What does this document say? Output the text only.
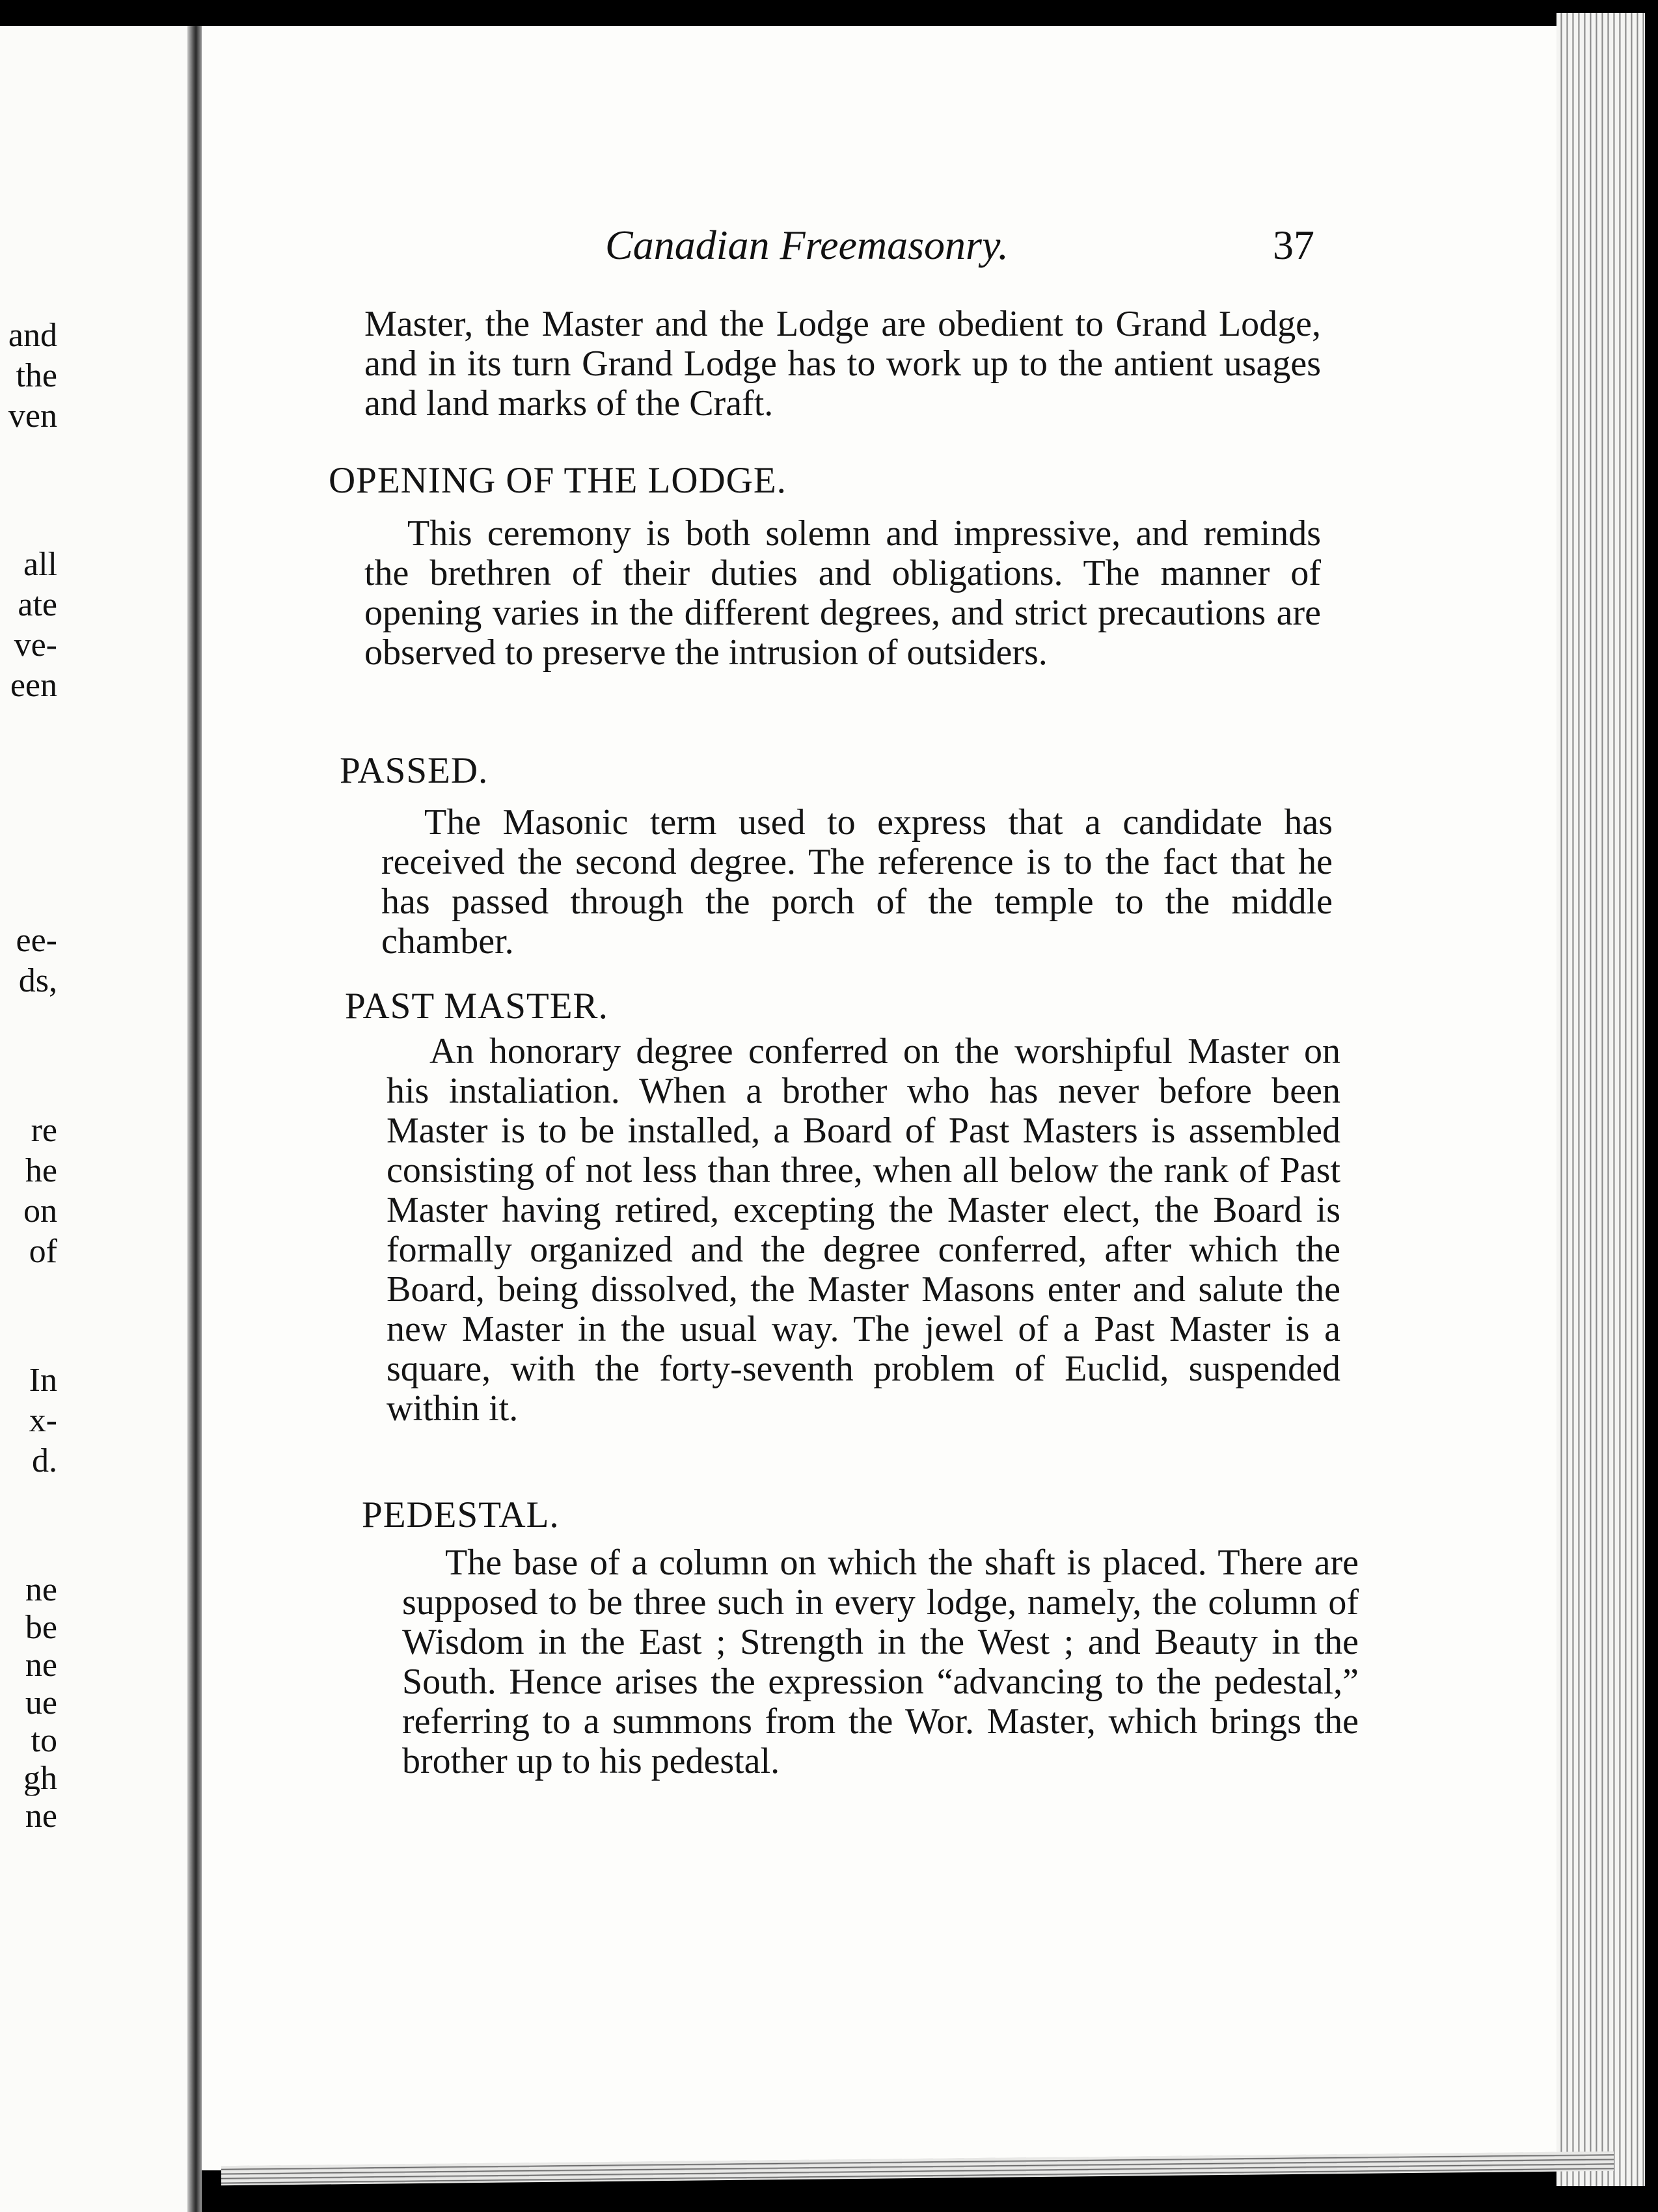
and
the
ven
all
ate
ve-
een
ee-
ds,
re
he
on
of
In
x-
d.
ne
be
ne
ue
to
gh
ne
Canadian Freemasonry.	37

Master, the Master and the Lodge are obedient to Grand Lodge, and in its turn Grand Lodge has to work up to the antient usages and land marks of the Craft.

OPENING OF THE LODGE.

This ceremony is both solemn and impressive, and reminds the brethren of their duties and obligations. The manner of opening varies in the different degrees, and strict precautions are observed to preserve the intrusion of outsiders.

PASSED.

The Masonic term used to express that a candidate has received the second degree. The reference is to the fact that he has passed through the porch of the temple to the middle chamber.

PAST MASTER.

An honorary degree conferred on the worshipful Master on his instaliation. When a brother who has never before been Master is to be installed, a Board of Past Masters is assembled consisting of not less than three, when all below the rank of Past Master having retired, excepting the Master elect, the Board is formally organized and the degree conferred, after which the Board, being dissolved, the Master Masons enter and salute the new Master in the usual way. The jewel of a Past Master is a square, with the forty-seventh problem of Euclid, suspended within it.

PEDESTAL.

The base of a column on which the shaft is placed. There are supposed to be three such in every lodge, namely, the column of Wisdom in the East ; Strength in the West ; and Beauty in the South. Hence arises the expression “advancing to the pedestal,” referring to a summons from the Wor. Master, which brings the brother up to his pedestal.
